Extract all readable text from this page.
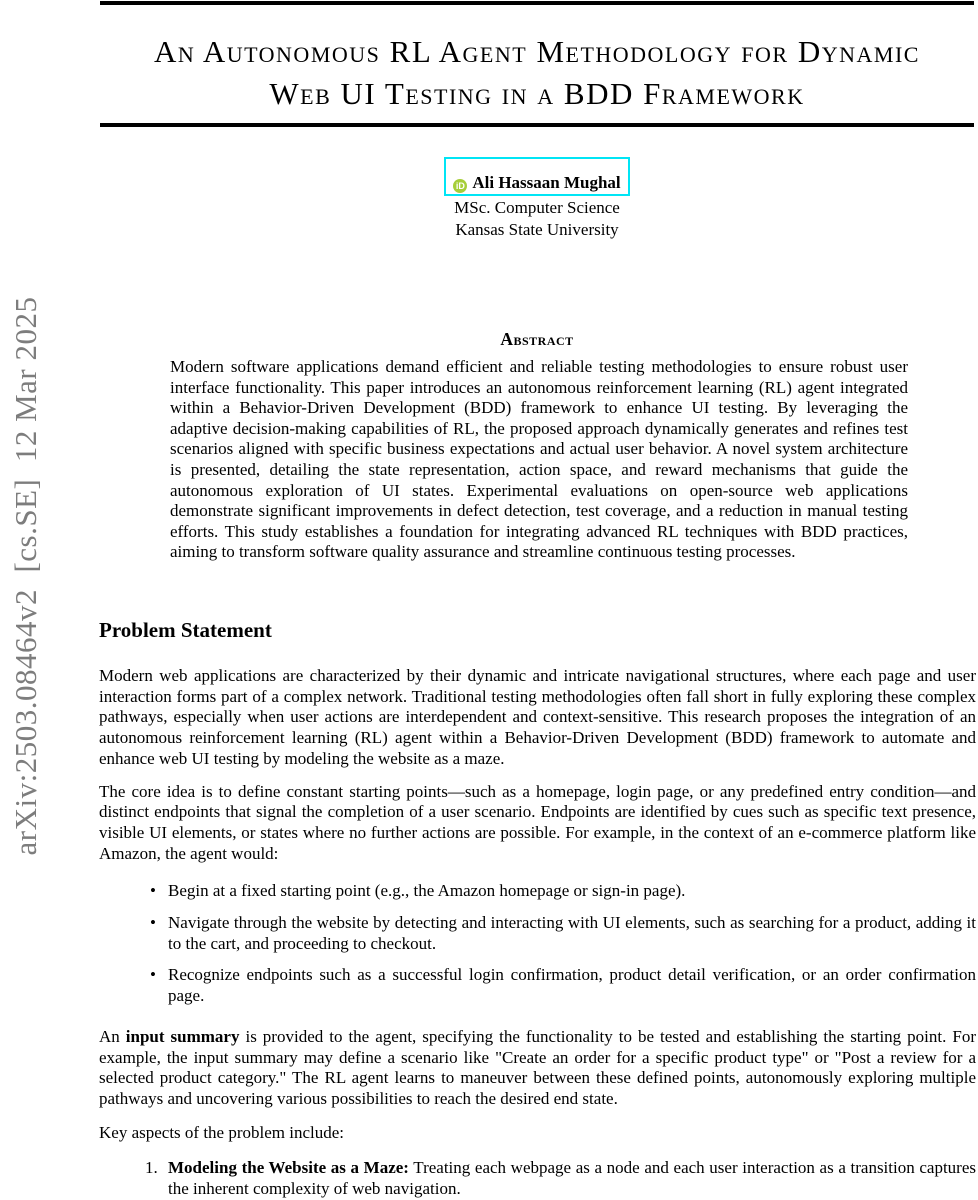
arXiv:2503.08464v2  [cs.SE]  12 Mar 2025
An Autonomous RL Agent Methodology for Dynamic
Web UI Testing in a BDD Framework
iD Ali Hassaan Mughal
MSc. Computer Science
Kansas State University
Abstract
Modern software applications demand efficient and reliable testing methodologies to ensure robust user interface functionality. This paper introduces an autonomous reinforcement learning (RL) agent integrated within a Behavior-Driven Development (BDD) framework to enhance UI testing. By leveraging the adaptive decision-making capabilities of RL, the proposed approach dynamically generates and refines test scenarios aligned with specific business expectations and actual user behavior. A novel system architecture is presented, detailing the state representation, action space, and reward mechanisms that guide the autonomous exploration of UI states. Experimental evaluations on open-source web applications demonstrate significant improvements in defect detection, test coverage, and a reduction in manual testing efforts. This study establishes a foundation for integrating advanced RL techniques with BDD practices, aiming to transform software quality assurance and streamline continuous testing processes.
Problem Statement
Modern web applications are characterized by their dynamic and intricate navigational structures, where each page and user interaction forms part of a complex network. Traditional testing methodologies often fall short in fully exploring these complex pathways, especially when user actions are interdependent and context-sensitive. This research proposes the integration of an autonomous reinforcement learning (RL) agent within a Behavior-Driven Development (BDD) framework to automate and enhance web UI testing by modeling the website as a maze.
The core idea is to define constant starting points—such as a homepage, login page, or any predefined entry condition—and distinct endpoints that signal the completion of a user scenario. Endpoints are identified by cues such as specific text presence, visible UI elements, or states where no further actions are possible. For example, in the context of an e-commerce platform like Amazon, the agent would:
• Begin at a fixed starting point (e.g., the Amazon homepage or sign-in page).
• Navigate through the website by detecting and interacting with UI elements, such as searching for a product, adding it to the cart, and proceeding to checkout.
• Recognize endpoints such as a successful login confirmation, product detail verification, or an order confirmation page.
An input summary is provided to the agent, specifying the functionality to be tested and establishing the starting point. For example, the input summary may define a scenario like "Create an order for a specific product type" or "Post a review for a selected product category." The RL agent learns to maneuver between these defined points, autonomously exploring multiple pathways and uncovering various possibilities to reach the desired end state.
Key aspects of the problem include:
1. Modeling the Website as a Maze: Treating each webpage as a node and each user interaction as a transition captures the inherent complexity of web navigation.
